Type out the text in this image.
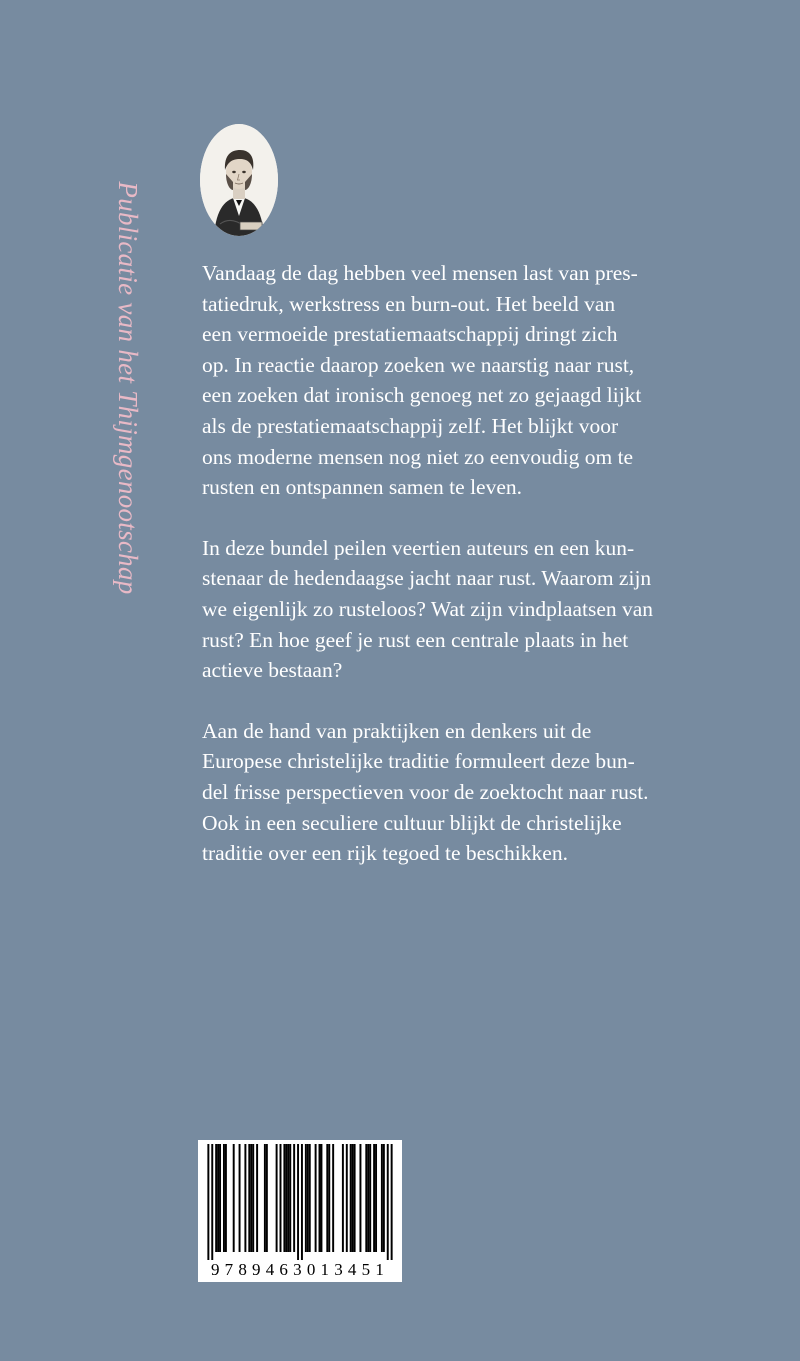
Publicatie van het Thijmgenootschap	Vandaag de dag hebben veel mensen last van pres-
tatiedruk, werkstress en burn-out. Het beeld van
een vermoeide prestatiemaatschappij dringt zich
op. In reactie daarop zoeken we naarstig naar rust,
een zoeken dat ironisch genoeg net zo gejaagd lijkt
als de prestatiemaatschappij zelf. Het blijkt voor
ons moderne mensen nog niet zo eenvoudig om te
rusten en ontspannen samen te leven.

In deze bundel peilen veertien auteurs en een kun-
stenaar de hedendaagse jacht naar rust. Waarom zijn
we eigenlijk zo rusteloos? Wat zijn vindplaatsen van
rust? En hoe geef je rust een centrale plaats in het
actieve bestaan?

Aan de hand van praktijken en denkers uit de
Europese christelijke traditie formuleert deze bun-
del frisse perspectieven voor de zoektocht naar rust.
Ook in een seculiere cultuur blijkt de christelijke
traditie over een rijk tegoed te beschikken.

9789463013451
